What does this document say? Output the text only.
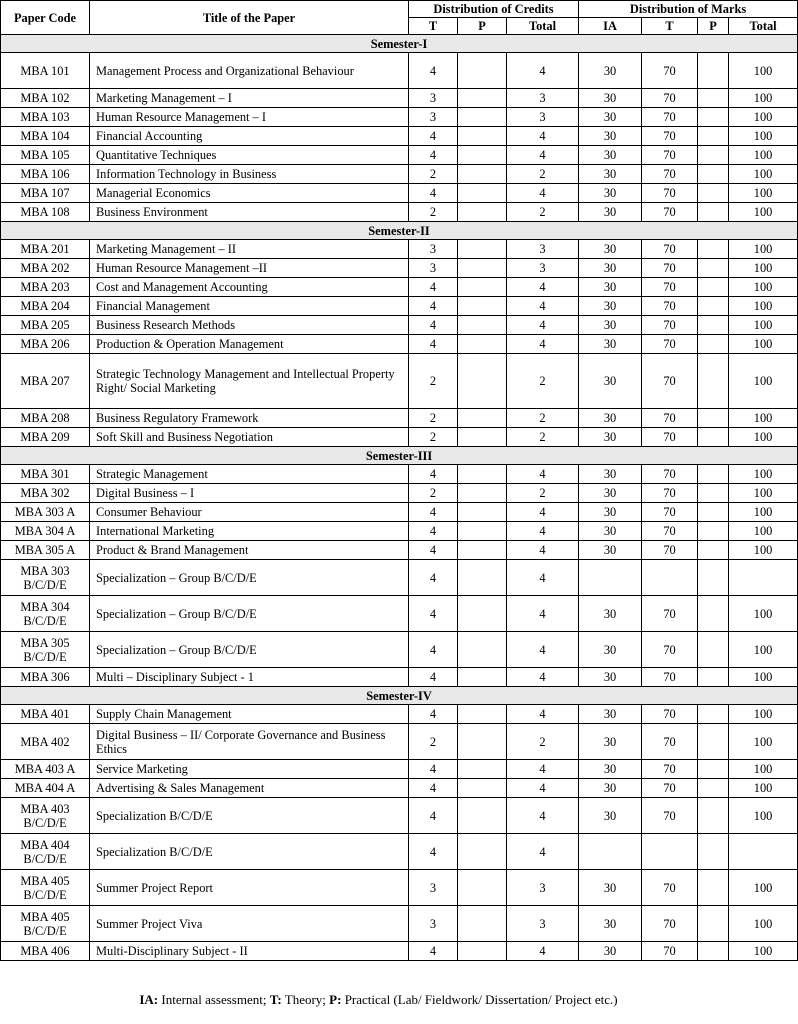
Paper Code	Title of the Paper	Distribution of Credits			Distribution of Marks			
		T	P	Total	IA	T	P	Total
Semester-I								
MBA 101	Management Process and Organizational Behaviour	4		4	30	70		100
MBA 102	Marketing Management – I	3		3	30	70		100
MBA 103	Human Resource Management – I	3		3	30	70		100
MBA 104	Financial Accounting	4		4	30	70		100
MBA 105	Quantitative Techniques	4		4	30	70		100
MBA 106	Information Technology in Business	2		2	30	70		100
MBA 107	Managerial Economics	4		4	30	70		100
MBA 108	Business Environment	2		2	30	70		100
Semester-II								
MBA 201	Marketing Management – II	3		3	30	70		100
MBA 202	Human Resource Management –II	3		3	30	70		100
MBA 203	Cost and Management Accounting	4		4	30	70		100
MBA 204	Financial Management	4		4	30	70		100
MBA 205	Business Research Methods	4		4	30	70		100
MBA 206	Production & Operation Management	4		4	30	70		100
MBA 207	Strategic Technology Management and Intellectual Property Right/ Social Marketing	2		2	30	70		100
MBA 208	Business Regulatory Framework	2		2	30	70		100
MBA 209	Soft Skill and Business Negotiation	2		2	30	70		100
Semester-III								
MBA 301	Strategic Management	4		4	30	70		100
MBA 302	Digital Business – I	2		2	30	70		100
MBA 303 A	Consumer Behaviour	4		4	30	70		100
MBA 304 A	International Marketing	4		4	30	70		100
MBA 305 A	Product & Brand Management	4		4	30	70		100
MBA 303 B/C/D/E	Specialization – Group B/C/D/E	4		4				
MBA 304 B/C/D/E	Specialization – Group B/C/D/E	4		4	30	70		100
MBA 305 B/C/D/E	Specialization – Group B/C/D/E	4		4	30	70		100
MBA 306	Multi – Disciplinary Subject - 1	4		4	30	70		100
Semester-IV								
MBA 401	Supply Chain Management	4		4	30	70		100
MBA 402	Digital Business – II/ Corporate Governance and Business Ethics	2		2	30	70		100
MBA 403 A	Service Marketing	4		4	30	70		100
MBA 404 A	Advertising & Sales Management	4		4	30	70		100
MBA 403 B/C/D/E	Specialization B/C/D/E	4		4	30	70		100
MBA 404 B/C/D/E	Specialization B/C/D/E	4		4				
MBA 405 B/C/D/E	Summer Project Report	3		3	30	70		100
MBA 405 B/C/D/E	Summer Project Viva	3		3	30	70		100
MBA 406	Multi-Disciplinary Subject - II	4		4	30	70		100
IA: Internal assessment; T: Theory; P: Practical (Lab/ Fieldwork/ Dissertation/ Project etc.)
